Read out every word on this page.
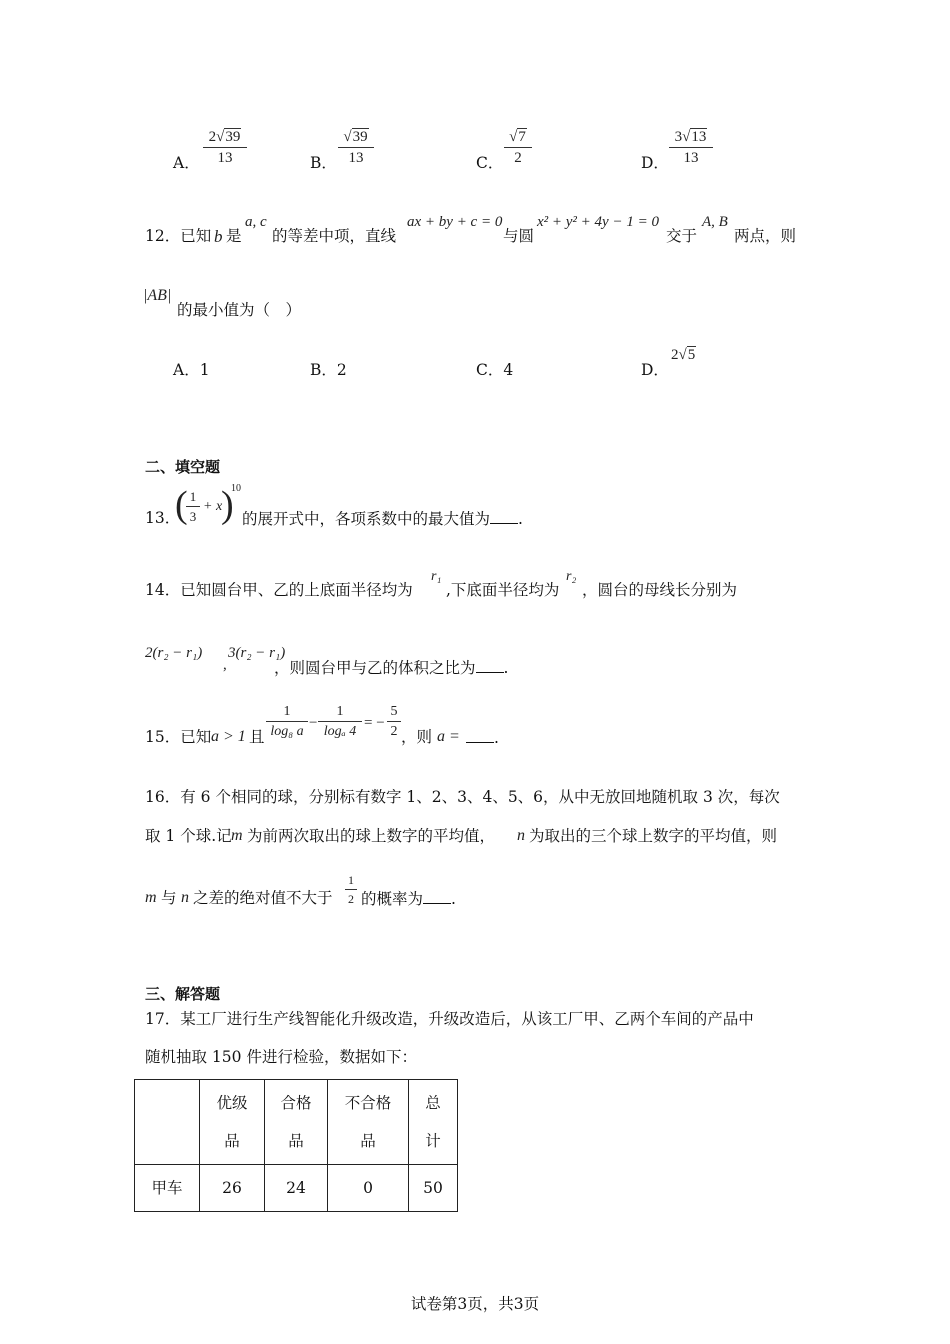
A． $\frac{2√39}{13}$	B． $\frac{√39}{13}$	C． $\frac{√7}{2}$	D． $\frac{3√13}{13}$
12．已知 b 是
a, c
的等差中项，直线
ax + by + c = 0
与圆
x² + y² + 4y − 1 = 0
交于
A, B
两点，则
|AB|
的最小值为（　）
A．1	B．2	C．4	D．
2√5
二、填空题
13．
(
$\frac{1}{3} + x$
)
10
的展开式中，各项系数中的最大值为 .
14．已知圆台甲、乙的上底面半径均为
r₁
,下底面半径均为
r₂
，圆台的母线长分别为
2(r₂ − r₁)
,
3(r₂ − r₁)
，则圆台甲与乙的体积之比为 .
15．已知 a > 1 且 $\frac{1}{\text{log₈ a}} - \frac{1}{\text{logₐ 4}}$ = − $\frac{5}{2}$ ，则 a =	.
16．有 6 个相同的球，分别标有数字 1、2、3、4、5、6，从中无放回地随机取 3 次，每次
取 1 个球.记 m 为前两次取出的球上数字的平均值， n 为取出的三个球上数字的平均值，则
m 与 n 之差的绝对值不大于 $\frac{1}{2}$ 的概率为 .
三、解答题
17．某工厂进行生产线智能化升级改造，升级改造后，从该工厂甲、乙两个车间的产品中
随机抽取 150 件进行检验，数据如下：
	优级
品	合格
品	不合格
品	总
计
甲车	26	24	0	50
试卷第3页，共3页
